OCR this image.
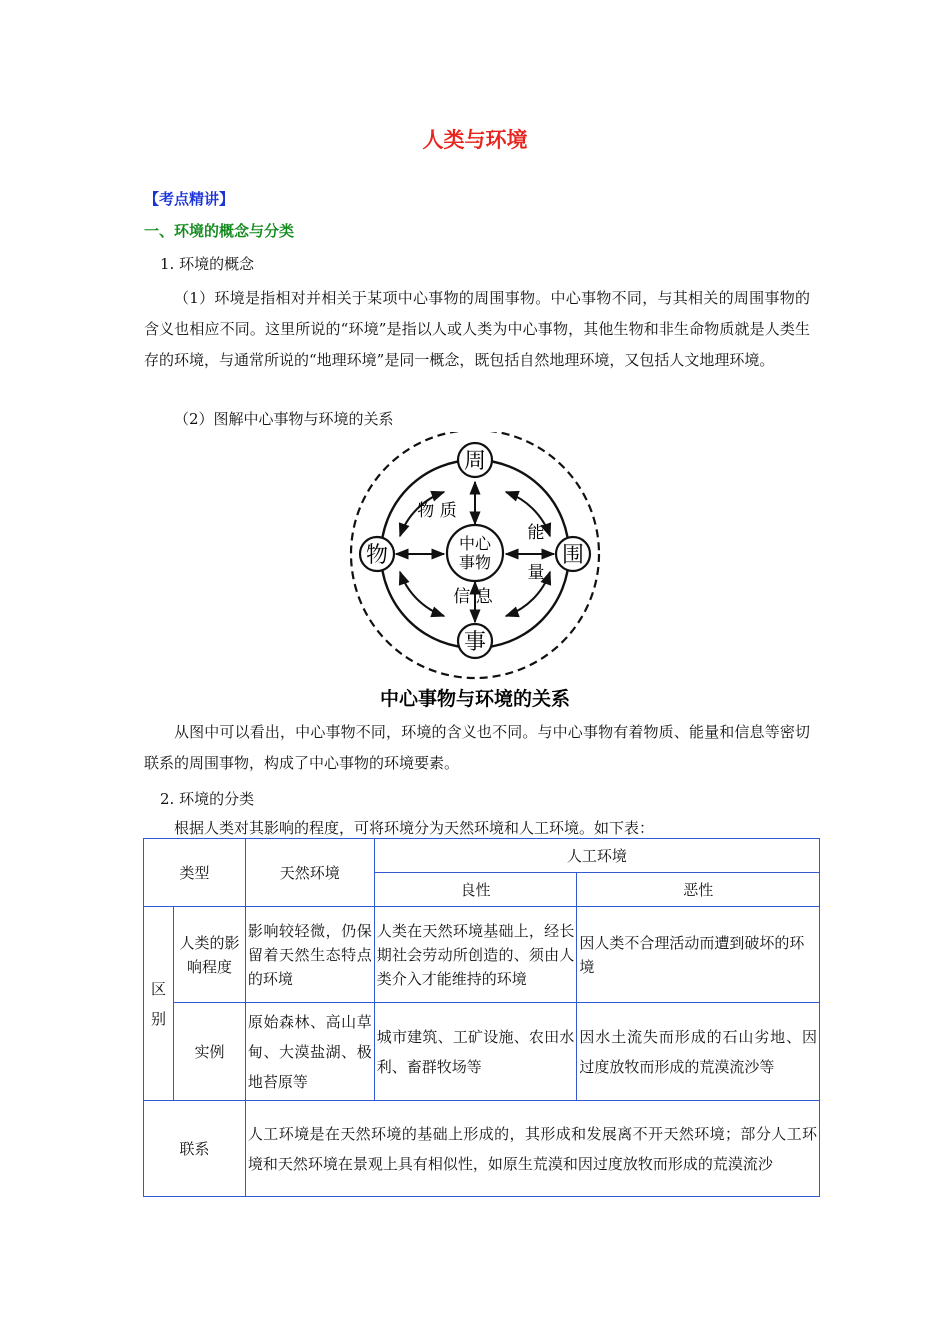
人类与环境
【考点精讲】
一、环境的概念与分类
1. 环境的概念
（1）环境是指相对并相关于某项中心事物的周围事物。中心事物不同，与其相关的周围事物的含义也相应不同。这里所说的“环境”是指以人或人类为中心事物，其他生物和非生命物质就是人类生存的环境，与通常所说的“地理环境”是同一概念，既包括自然地理环境，又包括人文地理环境。
（2）图解中心事物与环境的关系
周
物	围
事
中心
事物
物 质
能
量
信 息
中心事物与环境的关系
从图中可以看出，中心事物不同，环境的含义也不同。与中心事物有着物质、能量和信息等密切联系的周围事物，构成了中心事物的环境要素。
2. 环境的分类
根据人类对其影响的程度，可将环境分为天然环境和人工环境。如下表：
类型		天然环境	人工环境	
			良性	恶性
区别	人类的影响程度	影响较轻微，仍保留着天然生态特点的环境	人类在天然环境基础上，经长期社会劳动所创造的、须由人类介入才能维持的环境	因人类不合理活动而遭到破坏的环境
	实例	原始森林、高山草甸、大漠盐湖、极地苔原等	城市建筑、工矿设施、农田水利、畜群牧场等	因水土流失而形成的石山劣地、因过度放牧而形成的荒漠流沙等
联系		人工环境是在天然环境的基础上形成的，其形成和发展离不开天然环境；部分人工环境和天然环境在景观上具有相似性，如原生荒漠和因过度放牧而形成的荒漠流沙		
